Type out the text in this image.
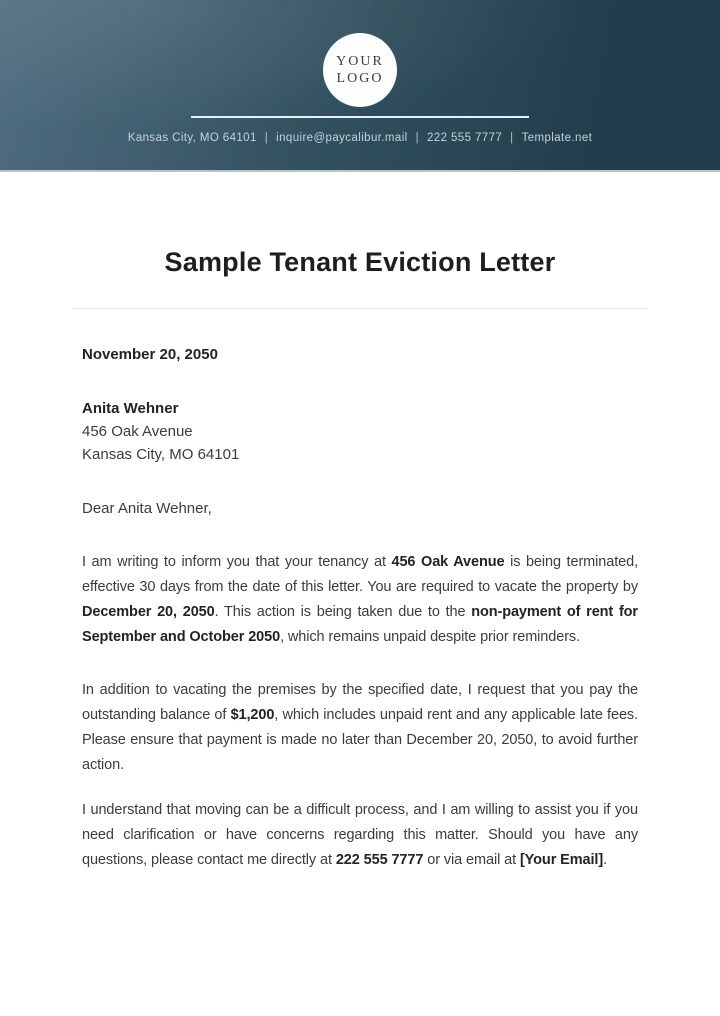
YOUR
LOGO
Kansas City, MO 64101 | inquire@paycalibur.mail | 222 555 7777 | Template.net
Sample Tenant Eviction Letter

November 20, 2050

Anita Wehner

456 Oak Avenue

Kansas City, MO 64101

Dear Anita Wehner,

I am writing to inform you that your tenancy at 456 Oak Avenue is being terminated, effective 30 days from the date of this letter. You are required to vacate the property by December 20, 2050. This action is being taken due to the non-payment of rent for September and October 2050, which remains unpaid despite prior reminders.

In addition to vacating the premises by the specified date, I request that you pay the outstanding balance of $1,200, which includes unpaid rent and any applicable late fees. Please ensure that payment is made no later than December 20, 2050, to avoid further action.

I understand that moving can be a difficult process, and I am willing to assist you if you need clarification or have concerns regarding this matter. Should you have any questions, please contact me directly at 222 555 7777 or via email at [Your Email].
